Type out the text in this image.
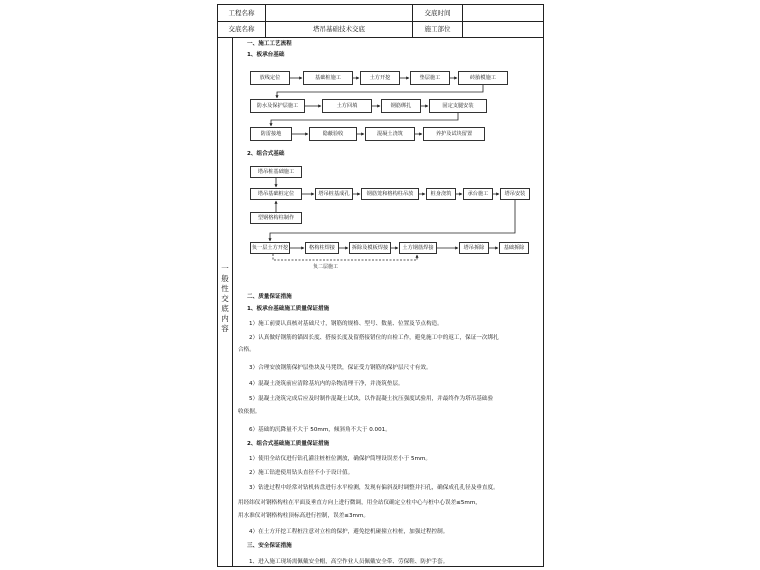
工程名称	交底时间
交底名称	塔吊基础技术交底	施工部位
一般性交底内容
一、施工工艺流程
1、板承台基础
放线定位	基础桩施工	土方开挖	垫层施工	砖胎模施工
防水及保护层施工	土方回填	钢筋绑扎	固定支腿安装
防雷接地	隐蔽验收	混凝土浇筑	养护及试块留置
2、组合式基础
塔吊桩基础施工
塔吊基础桩定位
型钢格构柱制作
塔吊桩基成孔	钢筋笼和格构柱吊放	桩身浇筑	承台施工	塔吊安装
负一层土方开挖	格构柱焊接	拆除及模板焊接	土方钢筋焊接	塔吊拆除	基础拆除
负二层施工
二、质量保证措施
1、板承台基础施工质量保证措施
1）施工前要认真核对基础尺寸，钢筋的规格、型号、数量、位置及节点构造。
2）认真做好钢筋的锚固长度、搭接长度及留搭接错位的自检工作，避免施工中的返工，保证一次绑扎
合格。
3）合理安放钢筋保护层垫块及马凳铁，保证受力钢筋的保护层尺寸有效。
4）混凝土浇筑前应清除基坑内的杂物清理干净，并浇筑垫层。
5）混凝土浇筑完成后应及时制作混凝土试块，以作混凝土抗压强度试验用，并最终作为塔吊基础验
收依据。
6）基础的沉降量不大于 50mm，倾斜角不大于 0.001。
2、组合式基础施工质量保证措施
1）使用全站仪进行钻孔灌注桩桩位测放，确保护筒埋设误差小于 5mm。
2）施工钻进使用钻头直径不小于设计值。
3）钻进过程中经常对钻机转盘进行水平检测，发现有偏斜及时调整并扫孔，确保成孔孔径及垂直度。
用经纬仪对钢格构柱在平面及垂直方向上进行微调，用全站仪确定立柱中心与桩中心误差≤5mm，
用水准仪对钢格构柱顶标高进行控制，误差≤3mm。
4）在土方开挖工程桩注意对立柱的保护，避免挖机碰撞立柱桩，加强过程控制。
三、安全保证措施
1、进入施工现场需佩戴安全帽，高空作业人员佩戴安全带、劳保鞋、防护手套。
